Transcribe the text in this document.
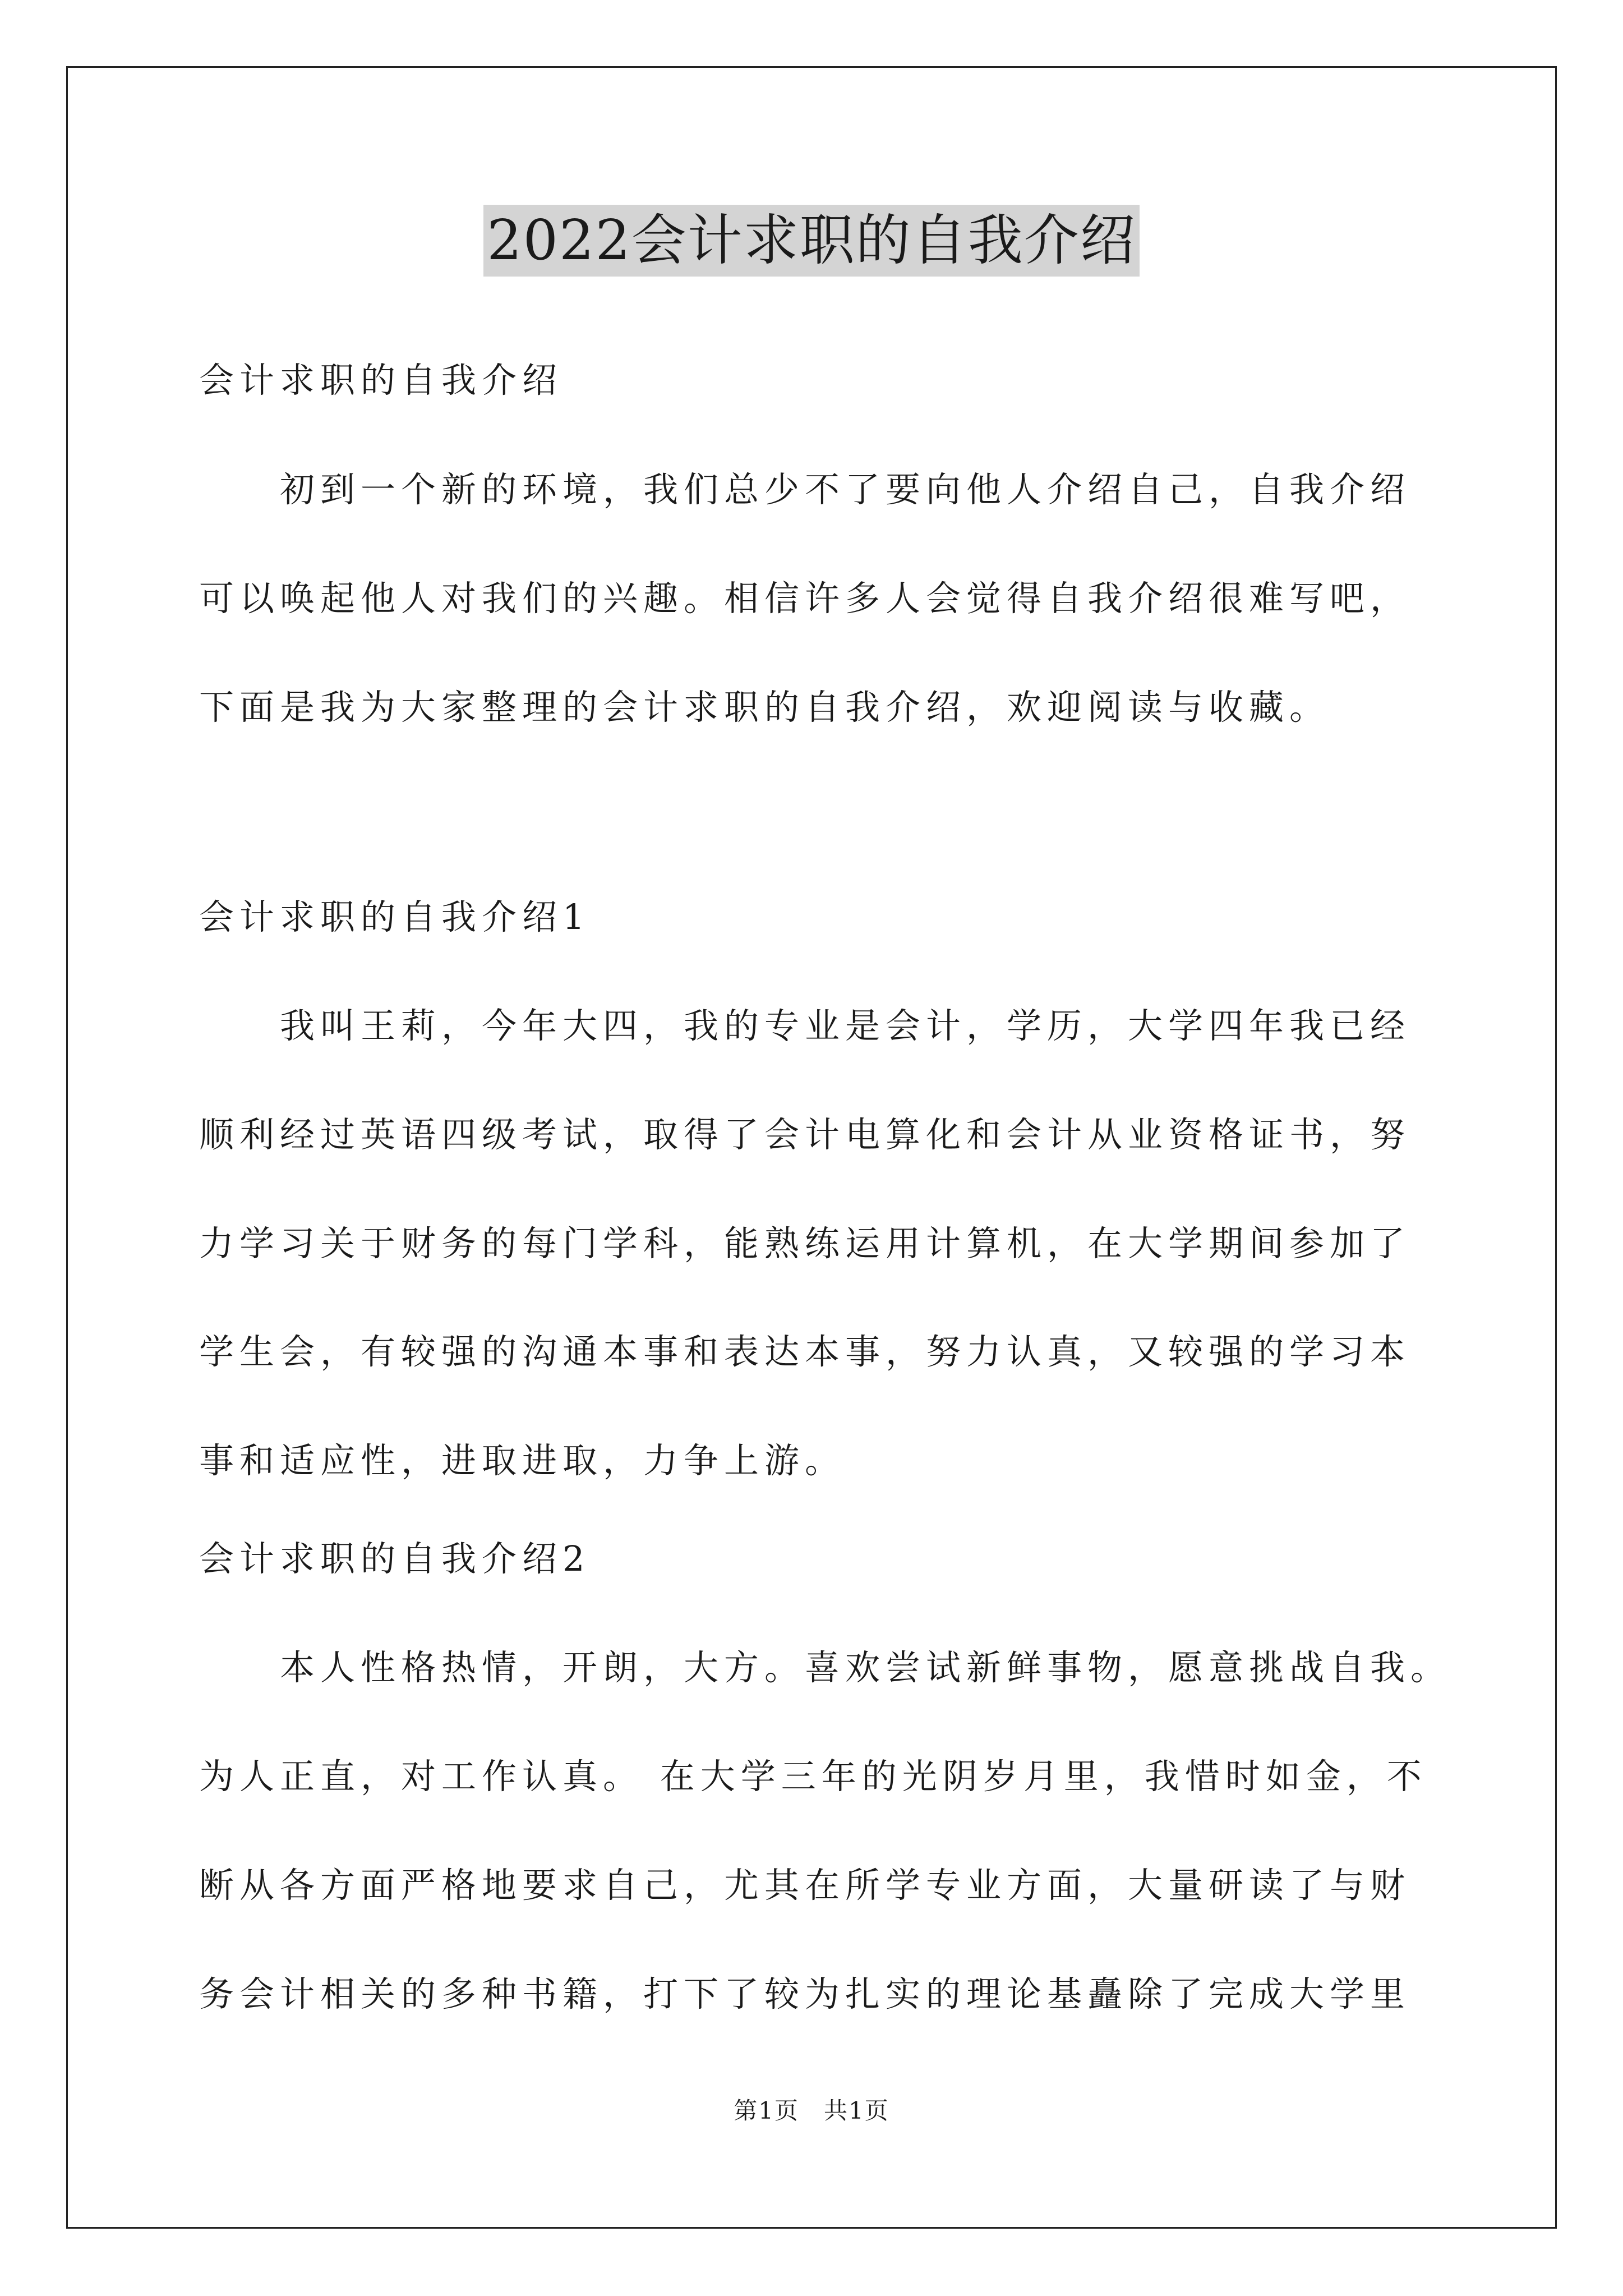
2022会计求职的自我介绍
会计求职的自我介绍
　　初到一个新的环境，我们总少不了要向他人介绍自己，自我介绍
可以唤起他人对我们的兴趣。相信许多人会觉得自我介绍很难写吧，
下面是我为大家整理的会计求职的自我介绍，欢迎阅读与收藏。
会计求职的自我介绍1
　　我叫王莉，今年大四，我的专业是会计，学历，大学四年我已经
顺利经过英语四级考试，取得了会计电算化和会计从业资格证书，努
力学习关于财务的每门学科，能熟练运用计算机，在大学期间参加了
学生会，有较强的沟通本事和表达本事，努力认真，又较强的学习本
事和适应性，进取进取，力争上游。
会计求职的自我介绍2
　　本人性格热情，开朗，大方。喜欢尝试新鲜事物，愿意挑战自我。
为人正直，对工作认真。 在大学三年的光阴岁月里，我惜时如金，不
断从各方面严格地要求自己，尤其在所学专业方面，大量研读了与财
务会计相关的多种书籍，打下了较为扎实的理论基矗除了完成大学里
第1页　共1页
